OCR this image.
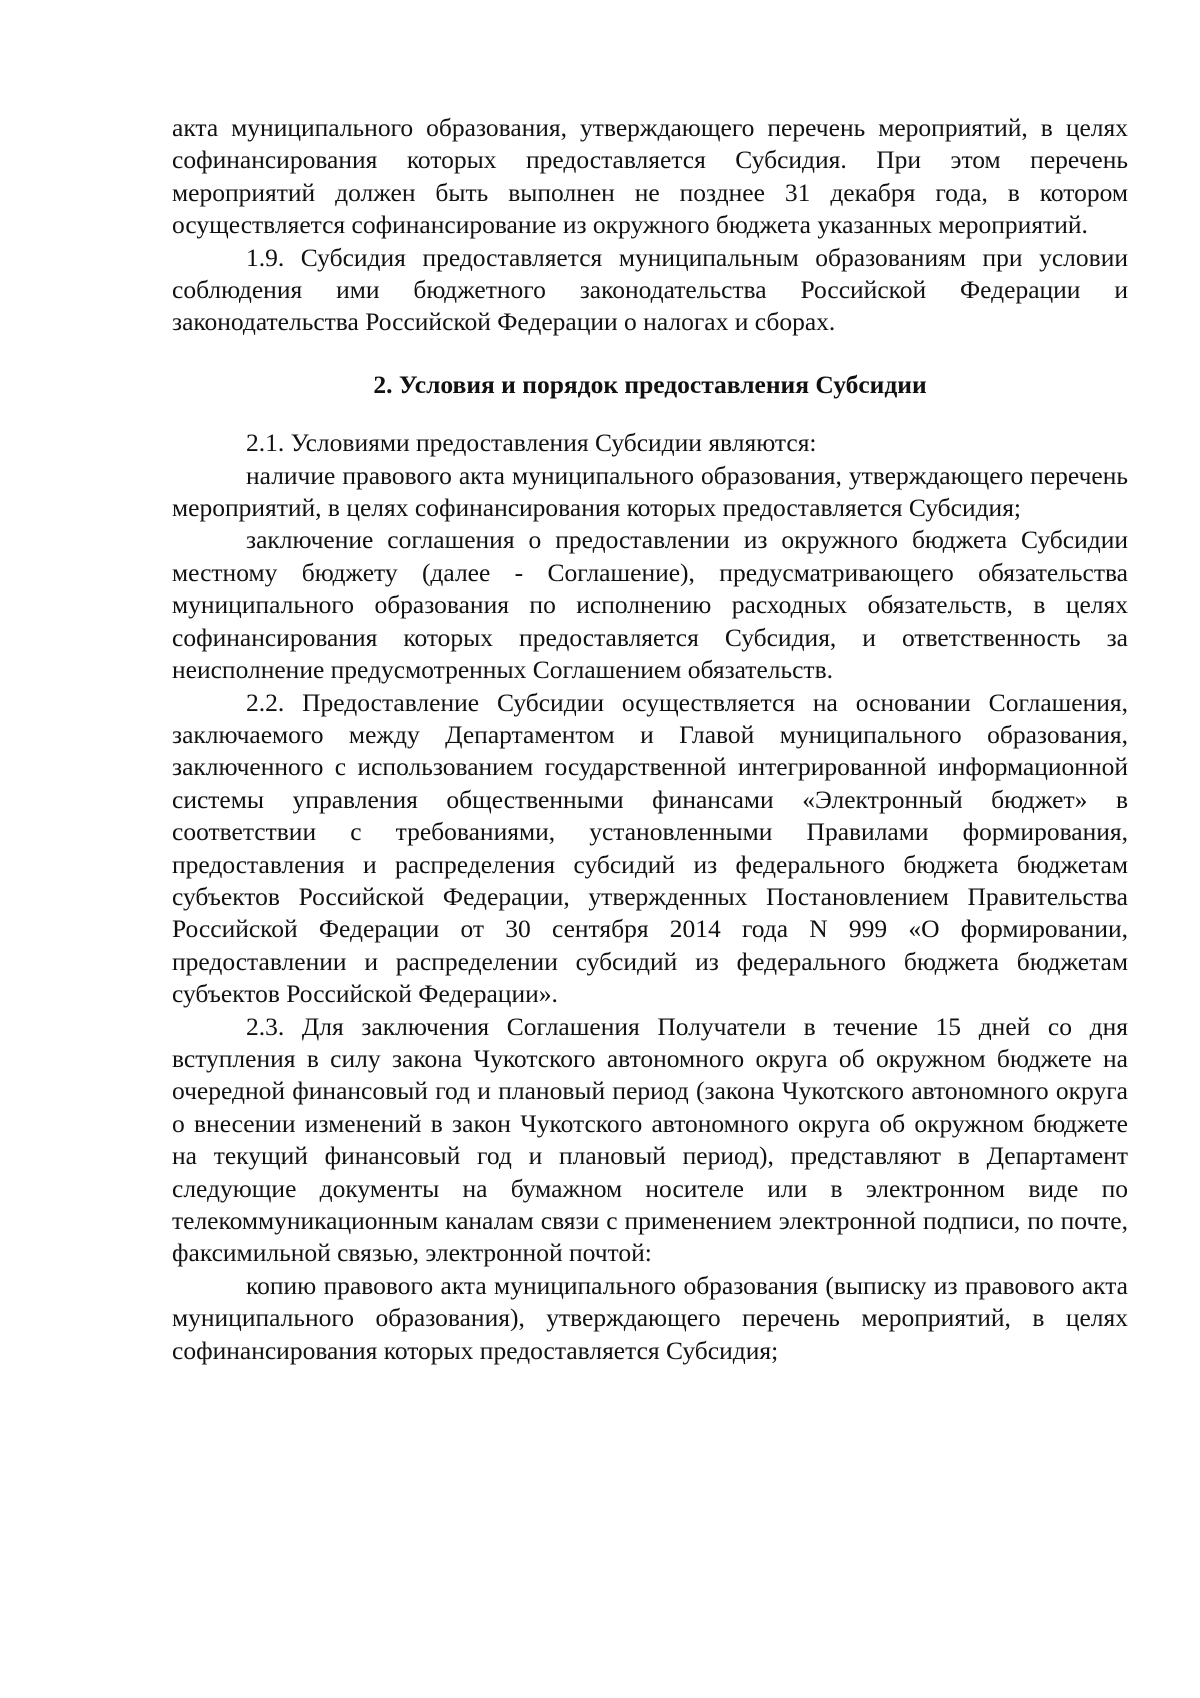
акта муниципального образования, утверждающего перечень мероприятий, в целях софинансирования которых предоставляется Субсидия. При этом перечень мероприятий должен быть выполнен не позднее 31 декабря года, в котором осуществляется софинансирование из окружного бюджета указанных мероприятий.

1.9. Субсидия предоставляется муниципальным образованиям при условии соблюдения ими бюджетного законодательства Российской Федерации и законодательства Российской Федерации о налогах и сборах.

2. Условия и порядок предоставления Субсидии

2.1. Условиями предоставления Субсидии являются:

наличие правового акта муниципального образования, утверждающего перечень мероприятий, в целях софинансирования которых предоставляется Субсидия;

заключение соглашения о предоставлении из окружного бюджета Субсидии местному бюджету (далее - Соглашение), предусматривающего обязательства муниципального образования по исполнению расходных обязательств, в целях софинансирования которых предоставляется Субсидия, и ответственность за неисполнение предусмотренных Соглашением обязательств.

2.2. Предоставление Субсидии осуществляется на основании Соглашения, заключаемого между Департаментом и Главой муниципального образования, заключенного с использованием государственной интегрированной информационной системы управления общественными финансами «Электронный бюджет» в соответствии с требованиями, установленными Правилами формирования, предоставления и распределения субсидий из федерального бюджета бюджетам субъектов Российской Федерации, утвержденных Постановлением Правительства Российской Федерации от 30 сентября 2014 года N 999 «О формировании, предоставлении и распределении субсидий из федерального бюджета бюджетам субъектов Российской Федерации».

2.3. Для заключения Соглашения Получатели в течение 15 дней со дня вступления в силу закона Чукотского автономного округа об окружном бюджете на очередной финансовый год и плановый период (закона Чукотского автономного округа о внесении изменений в закон Чукотского автономного округа об окружном бюджете на текущий финансовый год и плановый период), представляют в Департамент следующие документы на бумажном носителе или в электронном виде по телекоммуникационным каналам связи с применением электронной подписи, по почте, факсимильной связью, электронной почтой:

копию правового акта муниципального образования (выписку из правового акта муниципального образования), утверждающего перечень мероприятий, в целях софинансирования которых предоставляется Субсидия;
